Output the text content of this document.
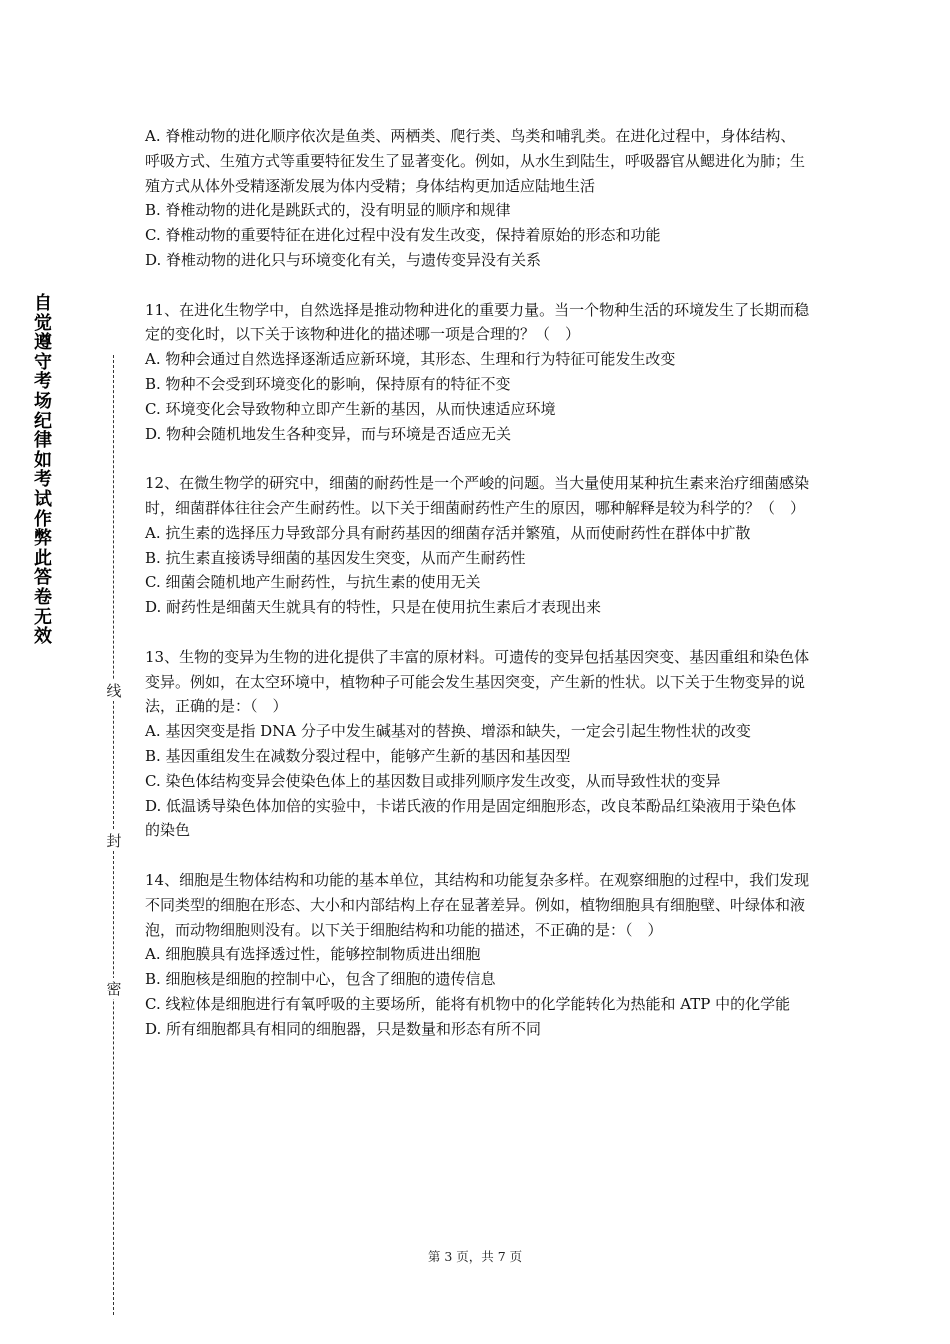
自觉遵守考场纪律如考试作弊此答卷无效
线
封
密

A. 脊椎动物的进化顺序依次是鱼类、两栖类、爬行类、鸟类和哺乳类。在进化过程中，身体结构、呼吸方式、生殖方式等重要特征发生了显著变化。例如，从水生到陆生，呼吸器官从鳃进化为肺；生殖方式从体外受精逐渐发展为体内受精；身体结构更加适应陆地生活

B. 脊椎动物的进化是跳跃式的，没有明显的顺序和规律

C. 脊椎动物的重要特征在进化过程中没有发生改变，保持着原始的形态和功能

D. 脊椎动物的进化只与环境变化有关，与遗传变异没有关系

11、在进化生物学中，自然选择是推动物种进化的重要力量。当一个物种生活的环境发生了长期而稳定的变化时，以下关于该物种进化的描述哪一项是合理的？（　）

A. 物种会通过自然选择逐渐适应新环境，其形态、生理和行为特征可能发生改变

B. 物种不会受到环境变化的影响，保持原有的特征不变

C. 环境变化会导致物种立即产生新的基因，从而快速适应环境

D. 物种会随机地发生各种变异，而与环境是否适应无关

12、在微生物学的研究中，细菌的耐药性是一个严峻的问题。当大量使用某种抗生素来治疗细菌感染时，细菌群体往往会产生耐药性。以下关于细菌耐药性产生的原因，哪种解释是较为科学的？（　）

A. 抗生素的选择压力导致部分具有耐药基因的细菌存活并繁殖，从而使耐药性在群体中扩散

B. 抗生素直接诱导细菌的基因发生突变，从而产生耐药性

C. 细菌会随机地产生耐药性，与抗生素的使用无关

D. 耐药性是细菌天生就具有的特性，只是在使用抗生素后才表现出来

13、生物的变异为生物的进化提供了丰富的原材料。可遗传的变异包括基因突变、基因重组和染色体变异。例如，在太空环境中，植物种子可能会发生基因突变，产生新的性状。以下关于生物变异的说法，正确的是：（　）

A. 基因突变是指 DNA 分子中发生碱基对的替换、增添和缺失，一定会引起生物性状的改变

B. 基因重组发生在减数分裂过程中，能够产生新的基因和基因型

C. 染色体结构变异会使染色体上的基因数目或排列顺序发生改变，从而导致性状的变异

D. 低温诱导染色体加倍的实验中，卡诺氏液的作用是固定细胞形态，改良苯酚品红染液用于染色体的染色

14、细胞是生物体结构和功能的基本单位，其结构和功能复杂多样。在观察细胞的过程中，我们发现不同类型的细胞在形态、大小和内部结构上存在显著差异。例如，植物细胞具有细胞壁、叶绿体和液泡，而动物细胞则没有。以下关于细胞结构和功能的描述，不正确的是：（　）

A. 细胞膜具有选择透过性，能够控制物质进出细胞

B. 细胞核是细胞的控制中心，包含了细胞的遗传信息

C. 线粒体是细胞进行有氧呼吸的主要场所，能将有机物中的化学能转化为热能和 ATP 中的化学能

D. 所有细胞都具有相同的细胞器，只是数量和形态有所不同

第 3 页，共 7 页
